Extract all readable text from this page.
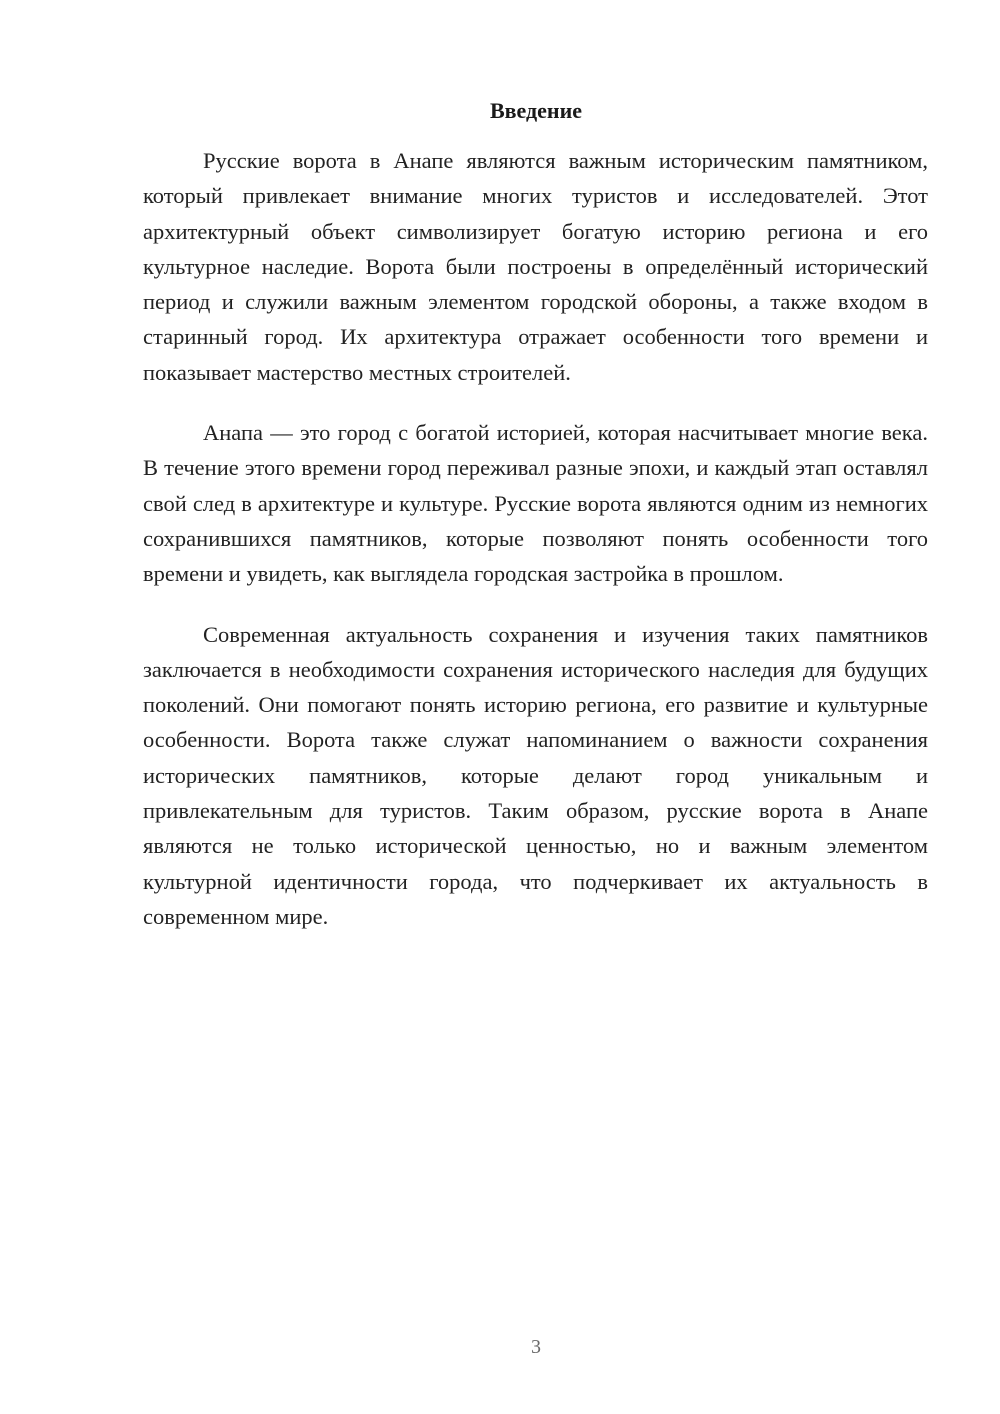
Введение

Русские ворота в Анапе являются важным историческим памятником, который привлекает внимание многих туристов и исследователей. Этот архитектурный объект символизирует богатую историю региона и его культурное наследие. Ворота были построены в определённый исторический период и служили важным элементом городской обороны, а также входом в старинный город. Их архитектура отражает особенности того времени и показывает мастерство местных строителей.

Анапа — это город с богатой историей, которая насчитывает многие века. В течение этого времени город переживал разные эпохи, и каждый этап оставлял свой след в архитектуре и культуре. Русские ворота являются одним из немногих сохранившихся памятников, которые позволяют понять особенности того времени и увидеть, как выглядела городская застройка в прошлом.

Современная актуальность сохранения и изучения таких памятников заключается в необходимости сохранения исторического наследия для будущих поколений. Они помогают понять историю региона, его развитие и культурные особенности. Ворота также служат напоминанием о важности сохранения исторических памятников, которые делают город уникальным и привлекательным для туристов. Таким образом, русские ворота в Анапе являются не только исторической ценностью, но и важным элементом культурной идентичности города, что подчеркивает их актуальность в современном мире.

3
